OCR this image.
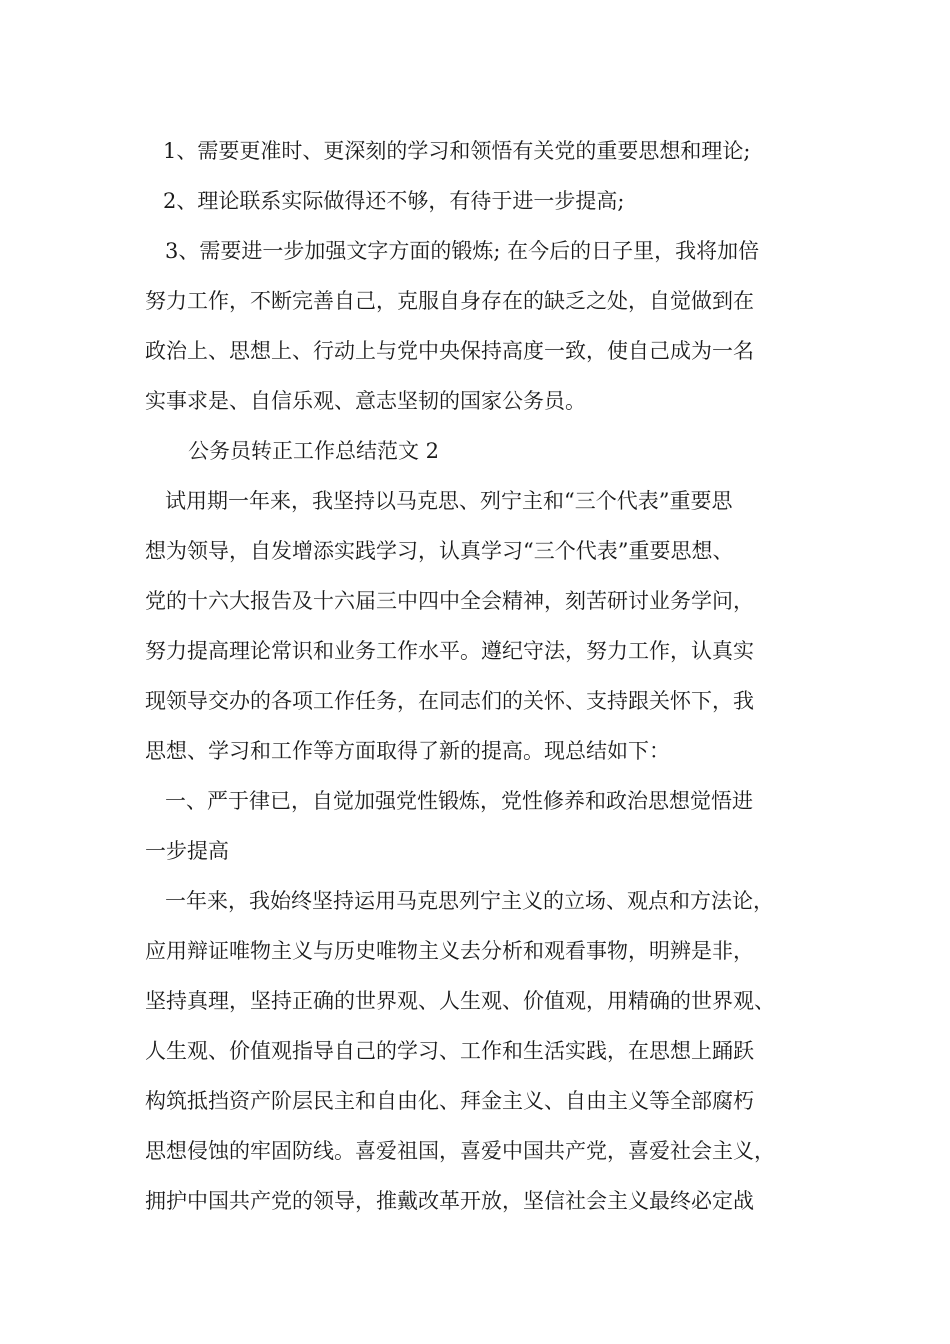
1、需要更准时、更深刻的学习和领悟有关党的重要思想和理论;
2、理论联系实际做得还不够，有待于进一步提高;
3、需要进一步加强文字方面的锻炼; 在今后的日子里，我将加倍
努力工作，不断完善自己，克服自身存在的缺乏之处，自觉做到在
政治上、思想上、行动上与党中央保持高度一致，使自己成为一名
实事求是、自信乐观、意志坚韧的国家公务员。
公务员转正工作总结范文 2
试用期一年来，我坚持以马克思、列宁主和“三个代表”重要思
想为领导，自发增添实践学习，认真学习“三个代表”重要思想、
党的十六大报告及十六届三中四中全会精神，刻苦研讨业务学问，
努力提高理论常识和业务工作水平。遵纪守法，努力工作，认真实
现领导交办的各项工作任务，在同志们的关怀、支持跟关怀下，我
思想、学习和工作等方面取得了新的提高。现总结如下：
一、严于律已，自觉加强党性锻炼，党性修养和政治思想觉悟进
一步提高
一年来，我始终坚持运用马克思列宁主义的立场、观点和方法论，
应用辩证唯物主义与历史唯物主义去分析和观看事物，明辨是非，
坚持真理，坚持正确的世界观、人生观、价值观，用精确的世界观、
人生观、价值观指导自己的学习、工作和生活实践，在思想上踊跃
构筑抵挡资产阶层民主和自由化、拜金主义、自由主义等全部腐朽
思想侵蚀的牢固防线。喜爱祖国，喜爱中国共产党，喜爱社会主义，
拥护中国共产党的领导，推戴改革开放，坚信社会主义最终必定战
